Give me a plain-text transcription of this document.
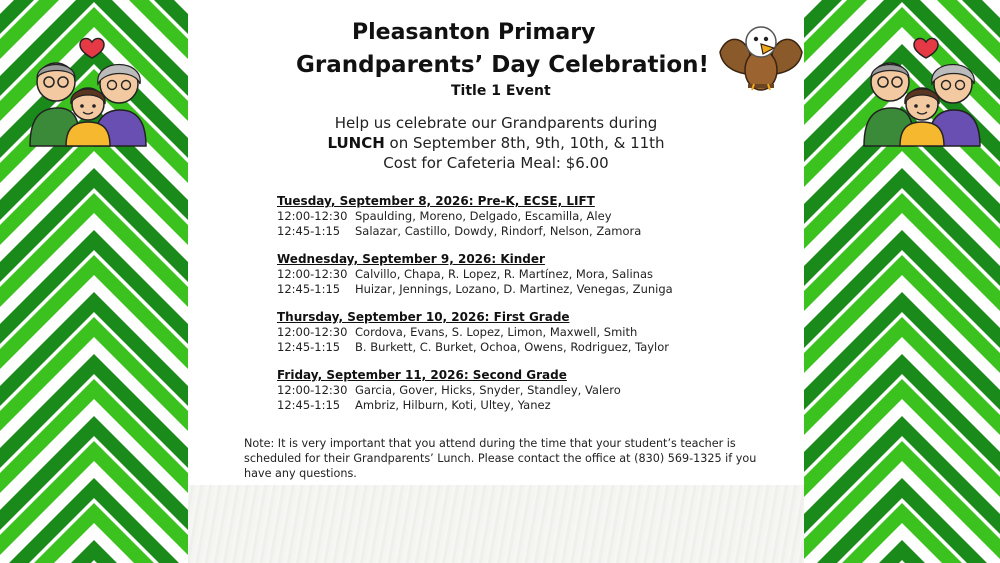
Pleasanton Primary
Grandparents’ Day Celebration!
Title 1 Event
Help us celebrate our Grandparents during
LUNCH on September 8th, 9th, 10th, & 11th
Cost for Cafeteria Meal: $6.00
Tuesday, September 8, 2026: Pre-K, ECSE, LIFT
12:00-12:30 Spaulding, Moreno, Delgado, Escamilla, Aley
12:45-1:15 Salazar, Castillo, Dowdy, Rindorf, Nelson, Zamora
Wednesday, September 9, 2026: Kinder
12:00-12:30 Calvillo, Chapa, R. Lopez, R. Martínez, Mora, Salinas
12:45-1:15 Huizar, Jennings, Lozano, D. Martinez, Venegas, Zuniga
Thursday, September 10, 2026: First Grade
12:00-12:30 Cordova, Evans, S. Lopez, Limon, Maxwell, Smith
12:45-1:15 B. Burkett, C. Burket, Ochoa, Owens, Rodriguez, Taylor
Friday, September 11, 2026: Second Grade
12:00-12:30 Garcia, Gover, Hicks, Snyder, Standley, Valero
12:45-1:15 Ambriz, Hilburn, Koti, Ultey, Yanez
Note: It is very important that you attend during the time that your student’s teacher is scheduled for their Grandparents’ Lunch. Please contact the office at (830) 569-1325 if you have any questions.
